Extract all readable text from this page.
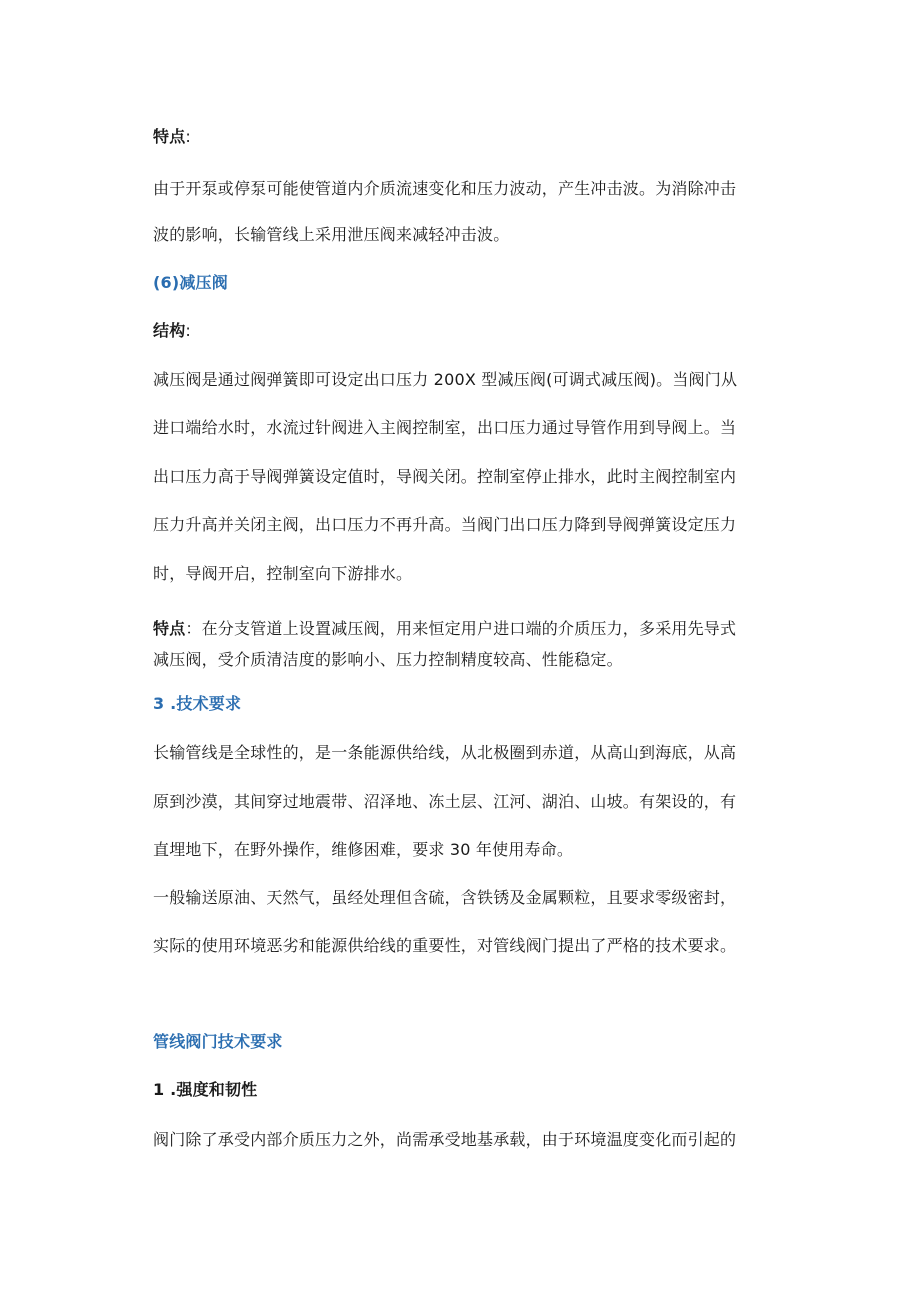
特点:
由于开泵或停泵可能使管道内介质流速变化和压力波动，产生冲击波。为消除冲击
波的影响，长输管线上采用泄压阀来减轻冲击波。
(6)减压阀
结构:
减压阀是通过阀弹簧即可设定出口压力 200X 型减压阀(可调式减压阀)。当阀门从
进口端给水时，水流过针阀进入主阀控制室，出口压力通过导管作用到导阀上。当
出口压力高于导阀弹簧设定值时，导阀关闭。控制室停止排水，此时主阀控制室内
压力升高并关闭主阀，出口压力不再升高。当阀门出口压力降到导阀弹簧设定压力
时，导阀开启，控制室向下游排水。
特点：在分支管道上设置减压阀，用来恒定用户进口端的介质压力，多采用先导式
减压阀，受介质清洁度的影响小、压力控制精度较高、性能稳定。
3 .技术要求
长输管线是全球性的，是一条能源供给线，从北极圈到赤道，从高山到海底，从高
原到沙漠，其间穿过地震带、沼泽地、冻土层、江河、湖泊、山坡。有架设的，有
直埋地下，在野外操作，维修困难，要求 30 年使用寿命。
一般输送原油、天然气，虽经处理但含硫，含铁锈及金属颗粒，且要求零级密封，
实际的使用环境恶劣和能源供给线的重要性，对管线阀门提出了严格的技术要求。
管线阀门技术要求
1 .强度和韧性
阀门除了承受内部介质压力之外，尚需承受地基承载，由于环境温度变化而引起的
